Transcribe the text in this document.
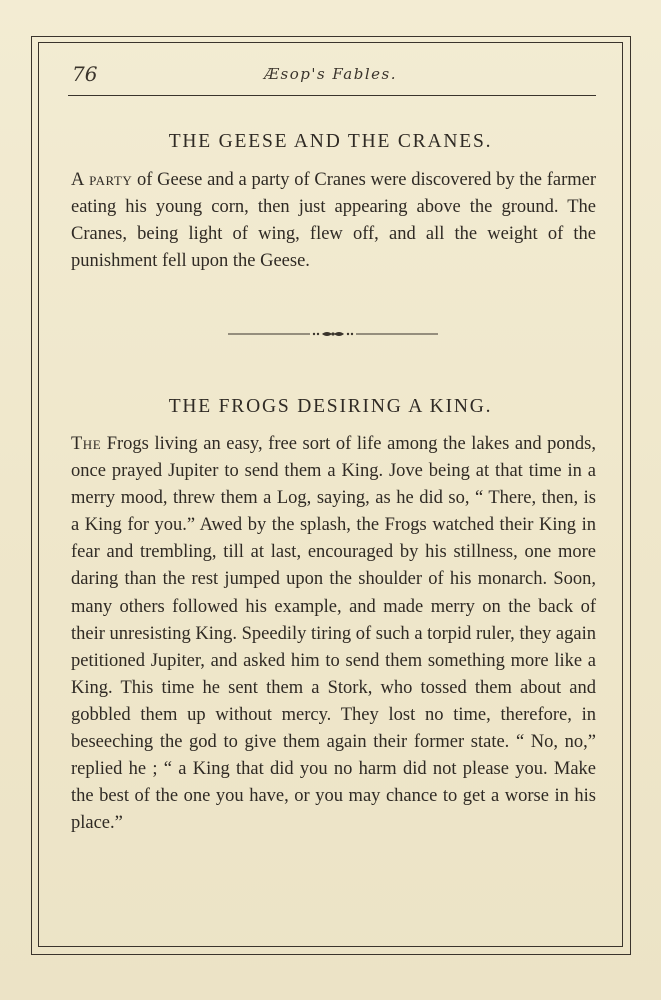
76	Æsop's Fables.
THE GEESE AND THE CRANES.

A party of Geese and a party of Cranes were discovered by the farmer eating his young corn, then just appearing above the ground. The Cranes, being light of wing, flew off, and all the weight of the punishment fell upon the Geese.

THE FROGS DESIRING A KING.

The Frogs living an easy, free sort of life among the lakes and ponds, once prayed Jupiter to send them a King. Jove being at that time in a merry mood, threw them a Log, saying, as he did so, “ There, then, is a King for you.” Awed by the splash, the Frogs watched their King in fear and trembling, till at last, encouraged by his stillness, one more daring than the rest jumped upon the shoulder of his monarch. Soon, many others followed his example, and made merry on the back of their unresisting King. Speedily tiring of such a torpid ruler, they again petitioned Jupiter, and asked him to send them something more like a King. This time he sent them a Stork, who tossed them about and gobbled them up without mercy. They lost no time, therefore, in beseeching the god to give them again their former state. “ No, no,” replied he ; “ a King that did you no harm did not please you. Make the best of the one you have, or you may chance to get a worse in his place.”
